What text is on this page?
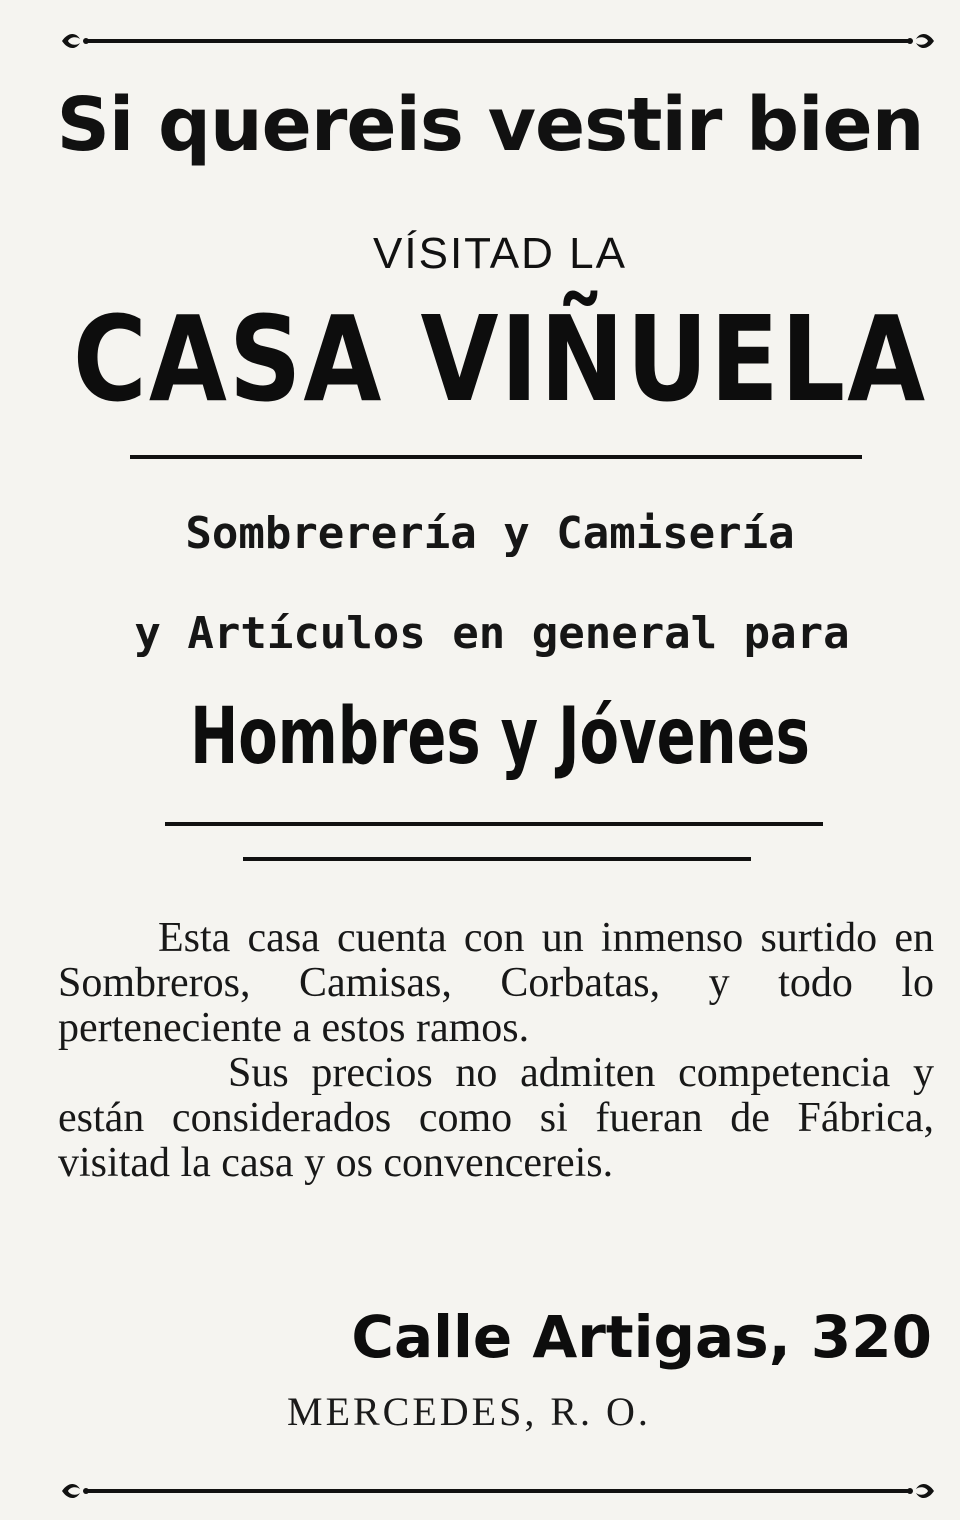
Si quereis vestir bien
VÍSITAD LA
CASA VIÑUELA
Sombrerería y Camisería
y Artículos en general para
Hombres y Jóvenes

Esta casa cuenta con un inmenso surtido en Sombreros, Camisas, Corbatas, y todo lo perteneciente a estos ramos.

Sus precios no admiten competencia y están considerados como si fueran de Fábrica, visitad la casa y os convencereis.

Calle Artigas, 320
MERCEDES, R. O.
